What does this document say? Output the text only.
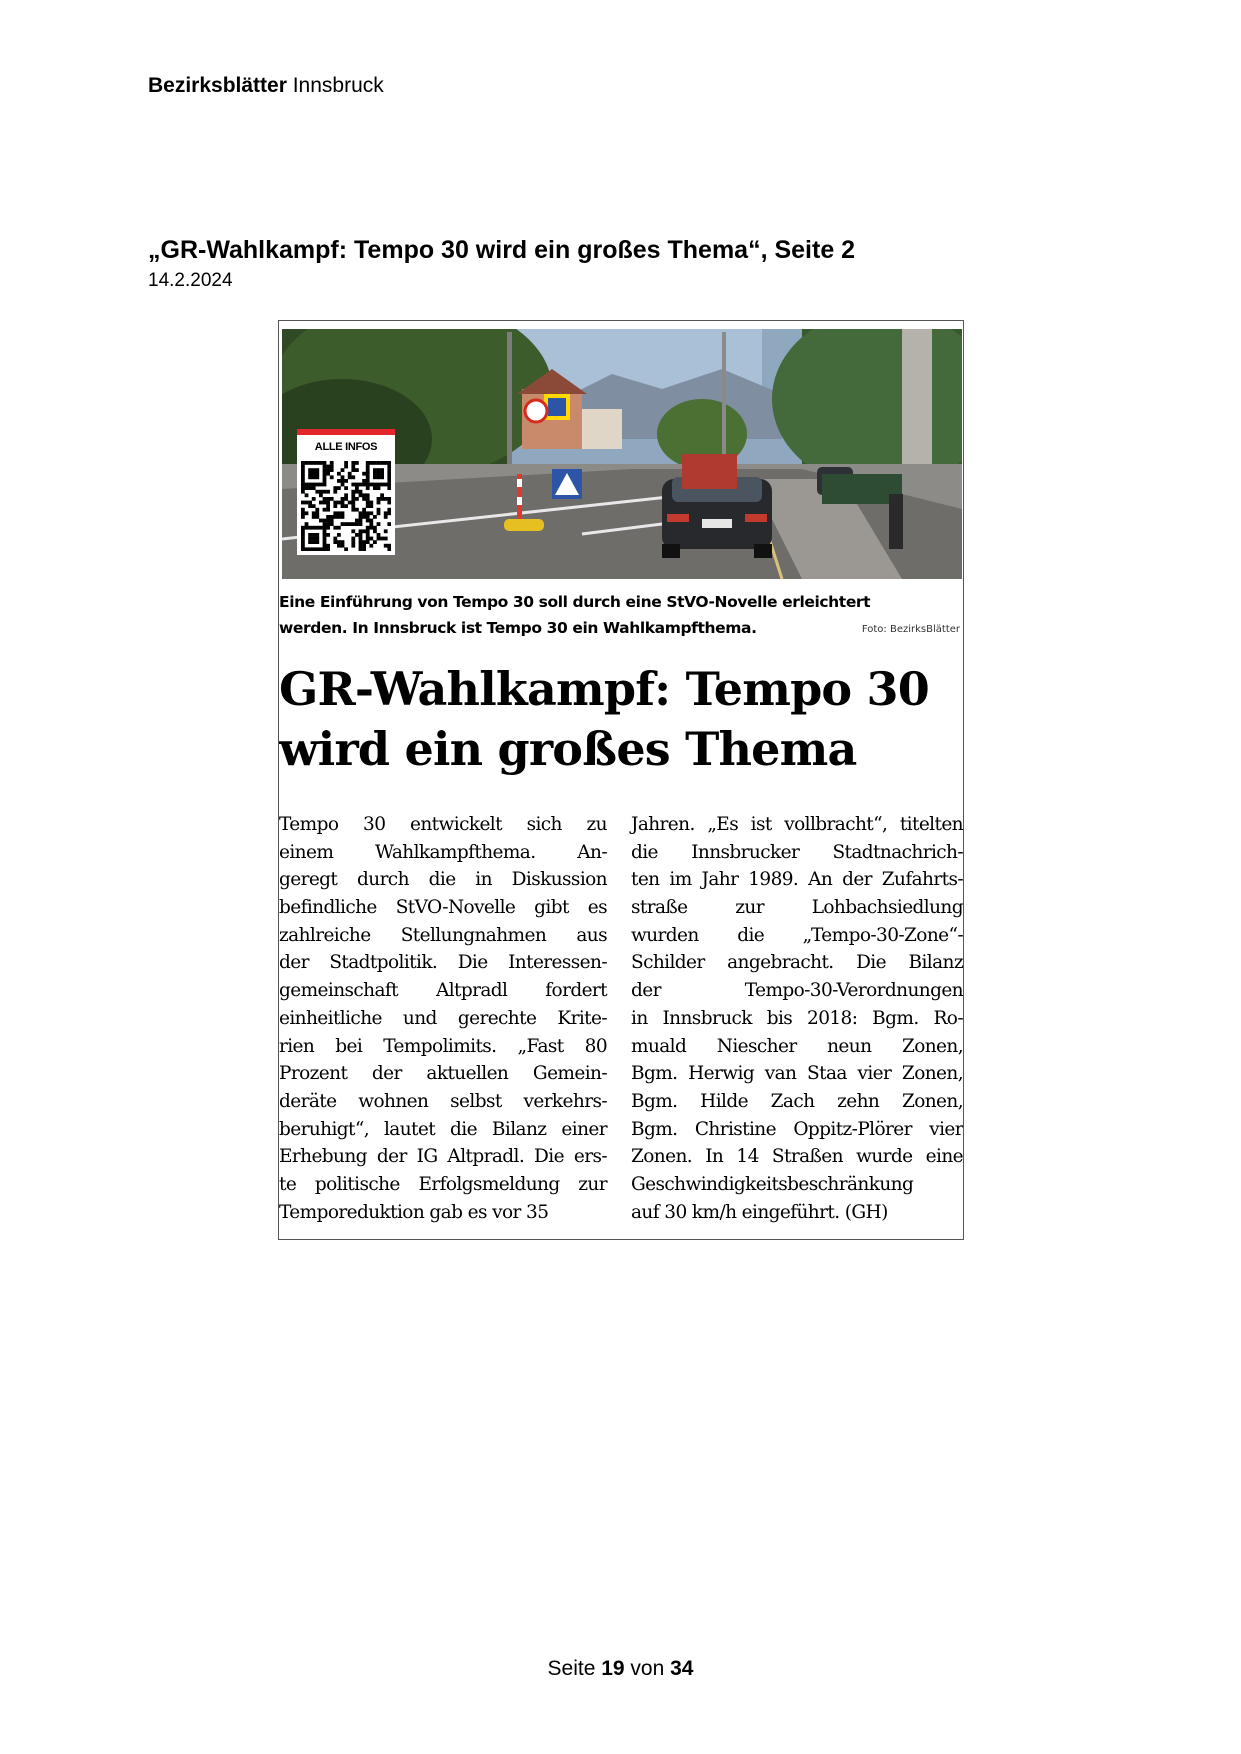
Bezirksblätter Innsbruck
„GR-Wahlkampf: Tempo 30 wird ein großes Thema“, Seite 2
14.2.2024
ALLE INFOS
Eine Einführung von Tempo 30 soll durch eine StVO-Novelle erleichtert
werden. In Innsbruck ist Tempo 30 ein Wahlkampfthema.	Foto: BezirksBlätter
GR-Wahlkampf: Tempo 30
wird ein großes Thema
Tempo 30 entwickelt sich zu
einem Wahlkampfthema. An-
geregt durch die in Diskussion
befindliche StVO-Novelle gibt es
zahlreiche Stellungnahmen aus
der Stadtpolitik. Die Interessen-
gemeinschaft Altpradl fordert
einheitliche und gerechte Krite-
rien bei Tempolimits. „Fast 80
Prozent der aktuellen Gemein-
deräte wohnen selbst verkehrs-
beruhigt“, lautet die Bilanz einer
Erhebung der IG Altpradl. Die ers-
te politische Erfolgsmeldung zur
Temporeduktion gab es vor 35
Jahren. „Es ist vollbracht“, titelten
die Innsbrucker Stadtnachrich-
ten im Jahr 1989. An der Zufahrts-
straße zur Lohbachsiedlung
wurden die „Tempo-30-Zone“-
Schilder angebracht. Die Bilanz
der Tempo-30-Verordnungen
in Innsbruck bis 2018: Bgm. Ro-
muald Niescher neun Zonen,
Bgm. Herwig van Staa vier Zonen,
Bgm. Hilde Zach zehn Zonen,
Bgm. Christine Oppitz-Plörer vier
Zonen. In 14 Straßen wurde eine
Geschwindigkeitsbeschränkung
auf 30 km/h eingeführt. (GH)
Seite 19 von 34
